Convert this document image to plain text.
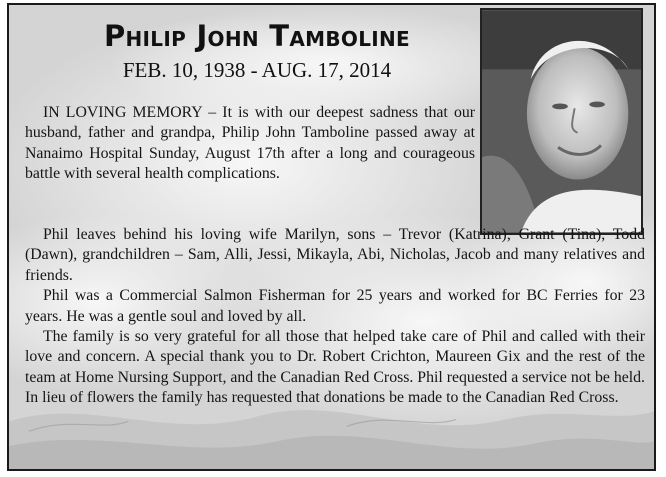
Philip John Tamboline
FEB. 10, 1938 - AUG. 17, 2014

IN LOVING MEMORY – It is with our deepest sadness that our husband, father and grandpa, Philip John Tamboline passed away at Nanaimo Hospital Sunday, August 17th after a long and courageous battle with several health complications.

Phil leaves behind his loving wife Marilyn, sons – Trevor (Katrina), Grant (Tina), Todd (Dawn), grandchildren – Sam, Alli, Jessi, Mikayla, Abi, Nicholas, Jacob and many relatives and friends.

Phil was a Commercial Salmon Fisherman for 25 years and worked for BC Ferries for 23 years. He was a gentle soul and loved by all.

The family is so very grateful for all those that helped take care of Phil and called with their love and concern. A special thank you to Dr. Robert Crichton, Maureen Gix and the rest of the team at Home Nursing Support, and the Canadian Red Cross. Phil requested a service not be held. In lieu of flowers the family has requested that donations be made to the Canadian Red Cross.
